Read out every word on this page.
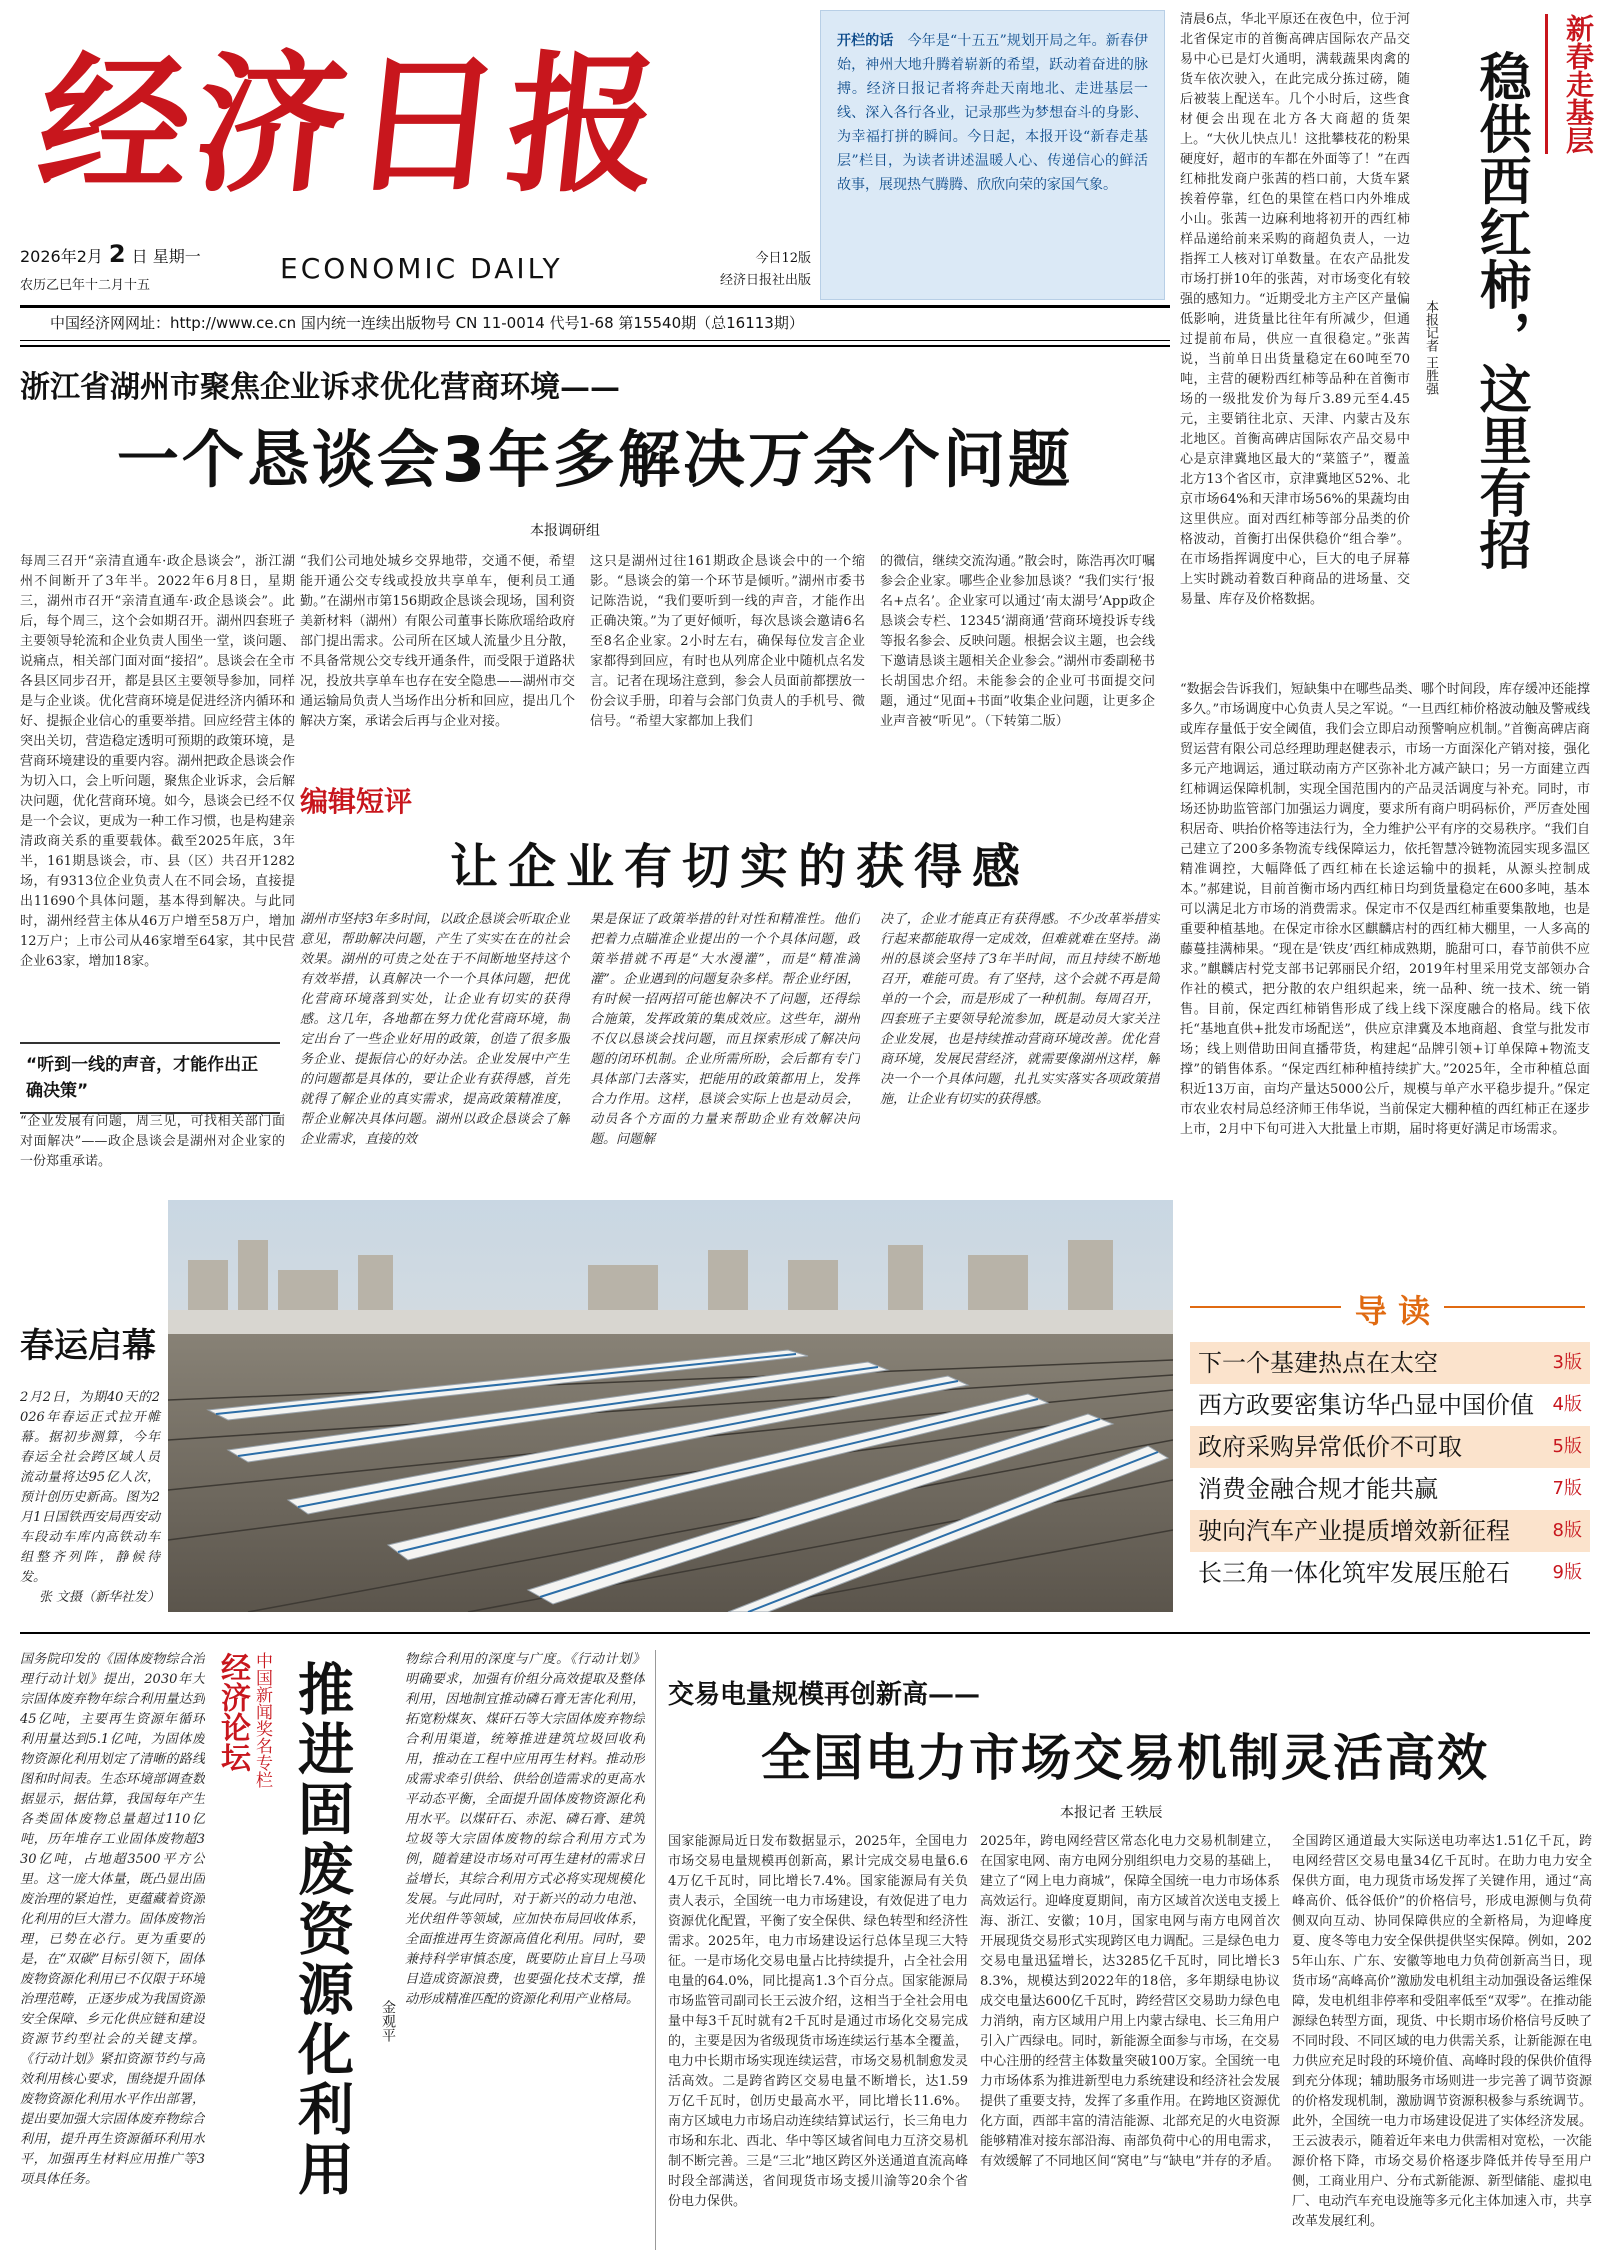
经济日报
2026年2月 2 日 星期一
农历乙巳年十二月十五
ECONOMIC DAILY	今日12版
经济日报社出版
中国经济网网址：http://www.ce.cn 国内统一连续出版物号 CN 11-0014 代号1-68 第15540期（总16113期）
开栏的话　 今年是“十五五”规划开局之年。新春伊始，神州大地升腾着崭新的希望，跃动着奋进的脉搏。经济日报记者将奔赴天南地北、走进基层一线、深入各行各业，记录那些为梦想奋斗的身影、为幸福打拼的瞬间。今日起，本报开设“新春走基层”栏目，为读者讲述温暖人心、传递信心的鲜活故事，展现热气腾腾、欣欣向荣的家国气象。
清晨6点，华北平原还在夜色中，位于河北省保定市的首衡高碑店国际农产品交易中心已是灯火通明，满载蔬果肉禽的货车依次驶入，在此完成分拣过磅，随后被装上配送车。几个小时后，这些食材便会出现在北方各大商超的货架上。“大伙儿快点儿！这批攀枝花的粉果硬度好，超市的车都在外面等了！”在西红柿批发商户张茜的档口前，大货车紧挨着停靠，红色的果筐在档口内外堆成小山。张茜一边麻利地将初开的西红柿样品递给前来采购的商超负责人，一边指挥工人核对订单数量。在农产品批发市场打拼10年的张茜，对市场变化有较强的感知力。“近期受北方主产区产量偏低影响，进货量比往年有所减少，但通过提前布局，供应一直很稳定。”张茜说，当前单日出货量稳定在60吨至70吨，主营的硬粉西红柿等品种在首衡市场的一级批发价为每斤3.89元至4.45元，主要销往北京、天津、内蒙古及东北地区。首衡高碑店国际农产品交易中心是京津冀地区最大的“菜篮子”，覆盖北方13个省区市，京津冀地区52%、北京市场64%和天津市场56%的果蔬均由这里供应。面对西红柿等部分品类的价格波动，首衡打出保供稳价“组合拳”。在市场指挥调度中心，巨大的电子屏幕上实时跳动着数百种商品的进场量、交易量、库存及价格数据。
新春走基层
稳供西红柿，这里有招
本报记者 王胜强
“数据会告诉我们，短缺集中在哪些品类、哪个时间段，库存缓冲还能撑多久。”市场调度中心负责人吴之军说。“一旦西红柿价格波动触及警戒线或库存量低于安全阈值，我们会立即启动预警响应机制。”首衡高碑店商贸运营有限公司总经理助理赵健表示，市场一方面深化产销对接，强化多元产地调运，通过联动南方产区弥补北方减产缺口；另一方面建立西红柿调运保障机制，实现全国范围内的产品灵活调度与补充。同时，市场还协助监管部门加强运力调度，要求所有商户明码标价，严厉查处囤积居奇、哄抬价格等违法行为，全力维护公平有序的交易秩序。“我们自己建立了200多条物流专线保障运力，依托智慧冷链物流园实现多温区精准调控，大幅降低了西红柿在长途运输中的损耗，从源头控制成本。”郝建说，目前首衡市场内西红柿日均到货量稳定在600多吨，基本可以满足北方市场的消费需求。保定市不仅是西红柿重要集散地，也是重要种植基地。在保定市徐水区麒麟店村的西红柿大棚里，一人多高的藤蔓挂满柿果。“现在是‘铁皮’西红柿成熟期，脆甜可口，春节前供不应求。”麒麟店村党支部书记郭丽民介绍，2019年村里采用党支部领办合作社的模式，把分散的农户组织起来，统一品种、统一技术、统一销售。目前，保定西红柿销售形成了线上线下深度融合的格局。线下依托“基地直供+批发市场配送”，供应京津冀及本地商超、食堂与批发市场；线上则借助田间直播带货，构建起“品牌引领+订单保障+物流支撑”的销售体系。“保定西红柿种植持续扩大。”2025年，全市种植总面积近13万亩，亩均产量达5000公斤，规模与单产水平稳步提升。”保定市农业农村局总经济师王伟华说，当前保定大棚种植的西红柿正在逐步上市，2月中下旬可进入大批量上市期，届时将更好满足市场需求。
浙江省湖州市聚焦企业诉求优化营商环境——
一个恳谈会3年多解决万余个问题
本报调研组
每周三召开“亲清直通车·政企恳谈会”，浙江湖州不间断开了3年半。2022年6月8日，星期三，湖州市召开“亲清直通车·政企恳谈会”。此后，每个周三，这个会如期召开。湖州四套班子主要领导轮流和企业负责人围坐一堂，谈问题、说痛点，相关部门面对面“接招”。恳谈会在全市各县区同步召开，都是县区主要领导参加，同样是与企业谈。优化营商环境是促进经济内循环和好、提振企业信心的重要举措。回应经营主体的突出关切，营造稳定透明可预期的政策环境，是营商环境建设的重要内容。湖州把政企恳谈会作为切入口，会上听问题，聚焦企业诉求，会后解决问题，优化营商环境。如今，恳谈会已经不仅是一个会议，更成为一种工作习惯，也是构建亲清政商关系的重要载体。截至2025年底，3年半，161期恳谈会，市、县（区）共召开1282场，有9313位企业负责人在不同会场，直接提出11690个具体问题，基本得到解决。与此同时，湖州经营主体从46万户增至58万户，增加12万户；上市公司从46家增至64家，其中民营企业63家，增加18家。
“听到一线的声音，才能作出正确决策”
“企业发展有问题，周三见，可找相关部门面对面解决”——政企恳谈会是湖州对企业家的一份郑重承诺。
“我们公司地处城乡交界地带，交通不便，希望能开通公交专线或投放共享单车，便利员工通勤。”在湖州市第156期政企恳谈会现场，国利资美新材料（湖州）有限公司董事长陈欣瑶给政府部门提出需求。公司所在区域人流量少且分散，不具备常规公交专线开通条件，而受限于道路状况，投放共享单车也存在安全隐患——湖州市交通运输局负责人当场作出分析和回应，提出几个解决方案，承诺会后再与企业对接。
这只是湖州过往161期政企恳谈会中的一个缩影。“恳谈会的第一个环节是倾听。”湖州市委书记陈浩说，“我们要听到一线的声音，才能作出正确决策。”为了更好倾听，每次恳谈会邀请6名至8名企业家。2小时左右，确保每位发言企业家都得到回应，有时也从列席企业中随机点名发言。记者在现场注意到，参会人员面前都摆放一份会议手册，印着与会部门负责人的手机号、微信号。“希望大家都加上我们
的微信，继续交流沟通。”散会时，陈浩再次叮嘱参会企业家。哪些企业参加恳谈？“我们实行‘报名+点名’。企业家可以通过‘南太湖号’App政企恳谈会专栏、12345‘湖商通’营商环境投诉专线等报名参会、反映问题。根据会议主题，也会线下邀请恳谈主题相关企业参会。”湖州市委副秘书长胡国忠介绍。未能参会的企业可书面提交问题，通过“见面+书面”收集企业问题，让更多企业声音被“听见”。（下转第二版）
编辑短评
让企业有切实的获得感
湖州市坚持3年多时间，以政企恳谈会听取企业意见，帮助解决问题，产生了实实在在的社会效果。湖州的可贵之处在于不间断地坚持这个有效举措，认真解决一个一个具体问题，把优化营商环境落到实处，让企业有切实的获得感。这几年，各地都在努力优化营商环境，制定出台了一些企业好用的政策，创造了很多服务企业、提振信心的好办法。企业发展中产生的问题都是具体的，要让企业有获得感，首先就得了解企业的真实需求，提高政策精准度，帮企业解决具体问题。湖州以政企恳谈会了解企业需求，直接的效
果是保证了政策举措的针对性和精准性。他们把着力点瞄准企业提出的一个个具体问题，政策举措就不再是“大水漫灌”，而是“精准滴灌”。企业遇到的问题复杂多样。帮企业纾困，有时候一招两招可能也解决不了问题，还得综合施策，发挥政策的集成效应。这些年，湖州不仅以恳谈会找问题，而且探索形成了解决问题的闭环机制。企业所需所盼，会后都有专门具体部门去落实，把能用的政策都用上，发挥合力作用。这样，恳谈会实际上也是动员会，动员各个方面的力量来帮助企业有效解决问题。问题解
决了，企业才能真正有获得感。不少改革举措实行起来都能取得一定成效，但难就难在坚持。湖州的恳谈会坚持了3年半时间，而且持续不断地召开，难能可贵。有了坚持，这个会就不再是简单的一个会，而是形成了一种机制。每周召开，四套班子主要领导轮流参加，既是动员大家关注企业发展，也是持续推动营商环境改善。优化营商环境，发展民营经济，就需要像湖州这样，解决一个一个具体问题，扎扎实实落实各项政策措施，让企业有切实的获得感。
春运启幕
2月2日，为期40天的2026年春运正式拉开帷幕。据初步测算，今年春运全社会跨区域人员流动量将达95亿人次，预计创历史新高。图为2月1日国铁西安局西安动车段动车库内高铁动车组整齐列阵，静候待发。
张 文摄（新华社发）
导 读
下一个基建热点在太空	3版
西方政要密集访华凸显中国价值 4版
政府采购异常低价不可取	5版
消费金融合规才能共赢	7版
驶向汽车产业提质增效新征程 8版
长三角一体化筑牢发展压舱石 9版
国务院印发的《固体废物综合治理行动计划》提出，2030年大宗固体废弃物年综合利用量达到45亿吨，主要再生资源年循环利用量达到5.1亿吨，为固体废物资源化利用划定了清晰的路线图和时间表。生态环境部调查数据显示，据估算，我国每年产生各类固体废物总量超过110亿吨，历年堆存工业固体废物超330亿吨，占地超3500平方公里。这一庞大体量，既凸显出固废治理的紧迫性，更蕴藏着资源化利用的巨大潜力。固体废物治理，已势在必行。更为重要的是，在“双碳”目标引领下，固体废物资源化利用已不仅限于环境治理范畴，正逐步成为我国资源安全保障、乡元化供应链和建设资源节约型社会的关键支撑。《行动计划》紧扣资源节约与高效利用核心要求，围绕提升固体废物资源化利用水平作出部署，提出要加强大宗固体废弃物综合利用，提升再生资源循环利用水平，加强再生材料应用推广等3项具体任务。
经济论坛 中国新闻奖名专栏 推进固废资源化利用 金观平
物综合利用的深度与广度。《行动计划》明确要求，加强有价组分高效提取及整体利用，因地制宜推动磷石膏无害化利用，拓宽粉煤灰、煤矸石等大宗固体废弃物综合利用渠道，统筹推进建筑垃圾回收利用，推动在工程中应用再生材料。推动形成需求牵引供给、供给创造需求的更高水平动态平衡，全面提升固体废物资源化利用水平。以煤矸石、赤泥、磷石膏、建筑垃圾等大宗固体废物的综合利用方式为例，随着建设市场对可再生建材的需求日益增长，其综合利用方式必将实现规模化发展。与此同时，对于新兴的动力电池、光伏组件等领域，应加快布局回收体系，全面推进再生资源高值化利用。同时，要兼持科学审慎态度，既要防止盲目上马项目造成资源浪费，也要强化技术支撑，推动形成精准匹配的资源化利用产业格局。
交易电量规模再创新高——
全国电力市场交易机制灵活高效
本报记者 王轶辰
国家能源局近日发布数据显示，2025年，全国电力市场交易电量规模再创新高，累计完成交易电量6.64万亿千瓦时，同比增长7.4%。国家能源局有关负责人表示，全国统一电力市场建设，有效促进了电力资源优化配置，平衡了安全保供、绿色转型和经济性需求。2025年，电力市场建设运行总体呈现三大特征。一是市场化交易电量占比持续提升，占全社会用电量的64.0%，同比提高1.3个百分点。国家能源局市场监管司副司长王云波介绍，这相当于全社会用电量中每3千瓦时就有2千瓦时是通过市场化交易完成的，主要是因为省级现货市场连续运行基本全覆盖，电力中长期市场实现连续运营，市场交易机制愈发灵活高效。二是跨省跨区交易电量不断增长，达1.59万亿千瓦时，创历史最高水平，同比增长11.6%。南方区域电力市场启动连续结算试运行，长三角电力市场和东北、西北、华中等区域省间电力互济交易机制不断完善。三是“三北”地区跨区外送通道直流高峰时段全部满送，省间现货市场支援川渝等20余个省份电力保供。
2025年，跨电网经营区常态化电力交易机制建立，在国家电网、南方电网分别组织电力交易的基础上，建立了“网上电力商城”，保障全国统一电力市场体系高效运行。迎峰度夏期间，南方区域首次送电支援上海、浙江、安徽；10月，国家电网与南方电网首次开展现货交易形式实现跨区电力调配。三是绿色电力交易电量迅猛增长，达3285亿千瓦时，同比增长38.3%，规模达到2022年的18倍，多年期绿电协议成交电量达600亿千瓦时，跨经营区交易助力绿色电力消纳，南方区域用户用上内蒙古绿电、长三角用户引入广西绿电。同时，新能源全面参与市场，在交易中心注册的经营主体数量突破100万家。全国统一电力市场体系为推进新型电力系统建设和经济社会发展提供了重要支持，发挥了多重作用。在跨地区资源优化方面，西部丰富的清洁能源、北部充足的火电资源能够精准对接东部沿海、南部负荷中心的用电需求，有效缓解了不同地区间“窝电”与“缺电”并存的矛盾。
全国跨区通道最大实际送电功率达1.51亿千瓦，跨电网经营区交易电量34亿千瓦时。在助力电力安全保供方面，电力现货市场发挥了关键作用，通过“高峰高价、低谷低价”的价格信号，形成电源侧与负荷侧双向互动、协同保障供应的全新格局，为迎峰度夏、度冬等电力安全保供提供坚实保障。例如，2025年山东、广东、安徽等地电力负荷创新高当日，现货市场“高峰高价”激励发电机组主动加强设备运维保障，发电机组非停率和受阻率低至“双零”。在推动能源绿色转型方面，现货、中长期市场价格信号反映了不同时段、不同区域的电力供需关系，让新能源在电力供应充足时段的环境价值、高峰时段的保供价值得到充分体现；辅助服务市场则进一步完善了调节资源的价格发现机制，激励调节资源积极参与系统调节。此外，全国统一电力市场建设促进了实体经济发展。王云波表示，随着近年来电力供需相对宽松，一次能源价格下降，市场交易价格逐步降低并传导至用户侧，工商业用户、分布式新能源、新型储能、虚拟电厂、电动汽车充电设施等多元化主体加速入市，共享改革发展红利。
